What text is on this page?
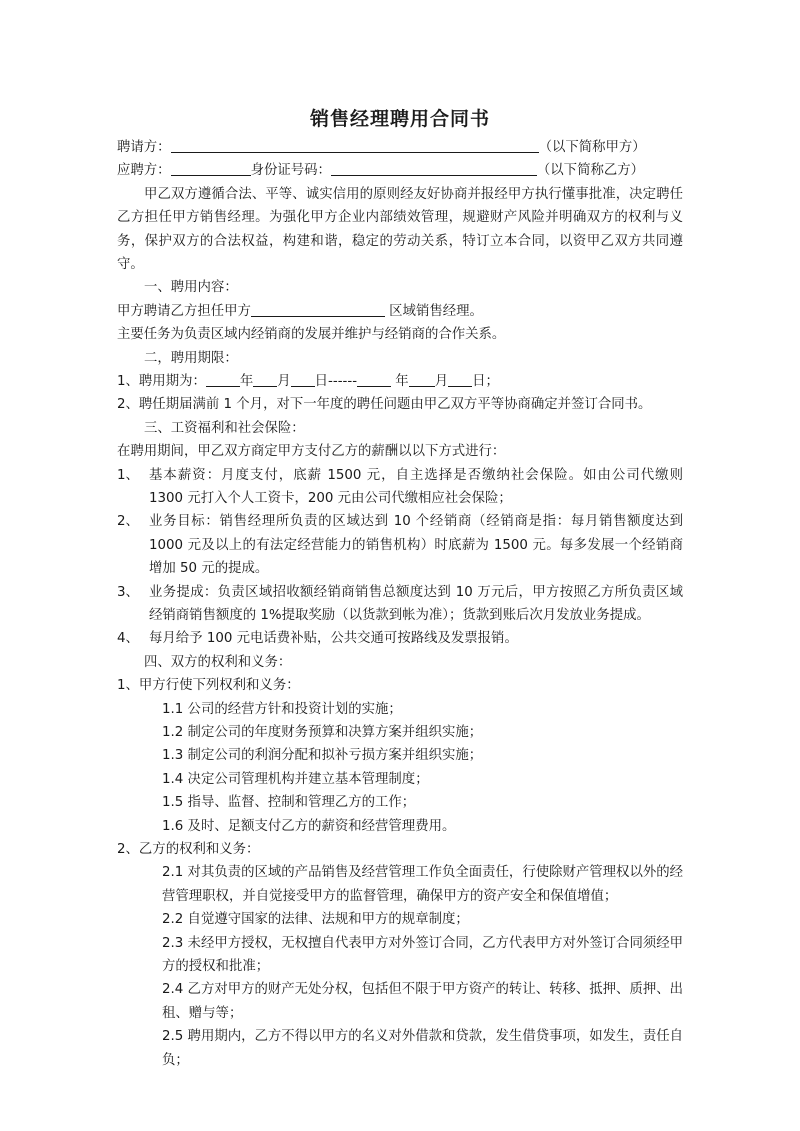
销售经理聘用合同书
聘请方：	（以下简称甲方）
应聘方：	身份证号码：	（以下简称乙方）
甲乙双方遵循合法、平等、诚实信用的原则经友好协商并报经甲方执行懂事批准，决定聘任乙方担任甲方销售经理。为强化甲方企业内部绩效管理，规避财产风险并明确双方的权利与义务，保护双方的合法权益，构建和谐，稳定的劳动关系，特订立本合同，以资甲乙双方共同遵守。
一、聘用内容：
甲方聘请乙方担任甲方	区域销售经理。
主要任务为负责区域内经销商的发展并维护与经销商的合作关系。
二，聘用期限：
1、聘用期为：	年 月 日------	年 月 日；
2、聘任期届满前 1 个月，对下一年度的聘任问题由甲乙双方平等协商确定并签订合同书。
三、工资福利和社会保险：
在聘用期间，甲乙双方商定甲方支付乙方的薪酬以以下方式进行：
1、 基本薪资：月度支付，底薪 1500 元，自主选择是否缴纳社会保险。如由公司代缴则 1300 元打入个人工资卡，200 元由公司代缴相应社会保险；
2、 业务目标：销售经理所负责的区域达到 10 个经销商（经销商是指：每月销售额度达到 1000 元及以上的有法定经营能力的销售机构）时底薪为 1500 元。每多发展一个经销商增加 50 元的提成。
3、 业务提成：负责区域招收额经销商销售总额度达到 10 万元后，甲方按照乙方所负责区域经销商销售额度的 1%提取奖励（以货款到帐为准）；货款到账后次月发放业务提成。
4、 每月给予 100 元电话费补贴，公共交通可按路线及发票报销。
四、双方的权利和义务：
1、甲方行使下列权利和义务：
1.1 公司的经营方针和投资计划的实施；
1.2 制定公司的年度财务预算和决算方案并组织实施；
1.3 制定公司的利润分配和拟补亏损方案并组织实施；
1.4 决定公司管理机构并建立基本管理制度；
1.5 指导、监督、控制和管理乙方的工作；
1.6 及时、足额支付乙方的薪资和经营管理费用。
2、乙方的权利和义务：
2.1 对其负责的区域的产品销售及经营管理工作负全面责任，行使除财产管理权以外的经营管理职权，并自觉接受甲方的监督管理，确保甲方的资产安全和保值增值；
2.2 自觉遵守国家的法律、法规和甲方的规章制度；
2.3 未经甲方授权，无权擅自代表甲方对外签订合同，乙方代表甲方对外签订合同须经甲方的授权和批准；
2.4 乙方对甲方的财产无处分权，包括但不限于甲方资产的转让、转移、抵押、质押、出租、赠与等；
2.5 聘用期内，乙方不得以甲方的名义对外借款和贷款，发生借贷事项，如发生，责任自负；
